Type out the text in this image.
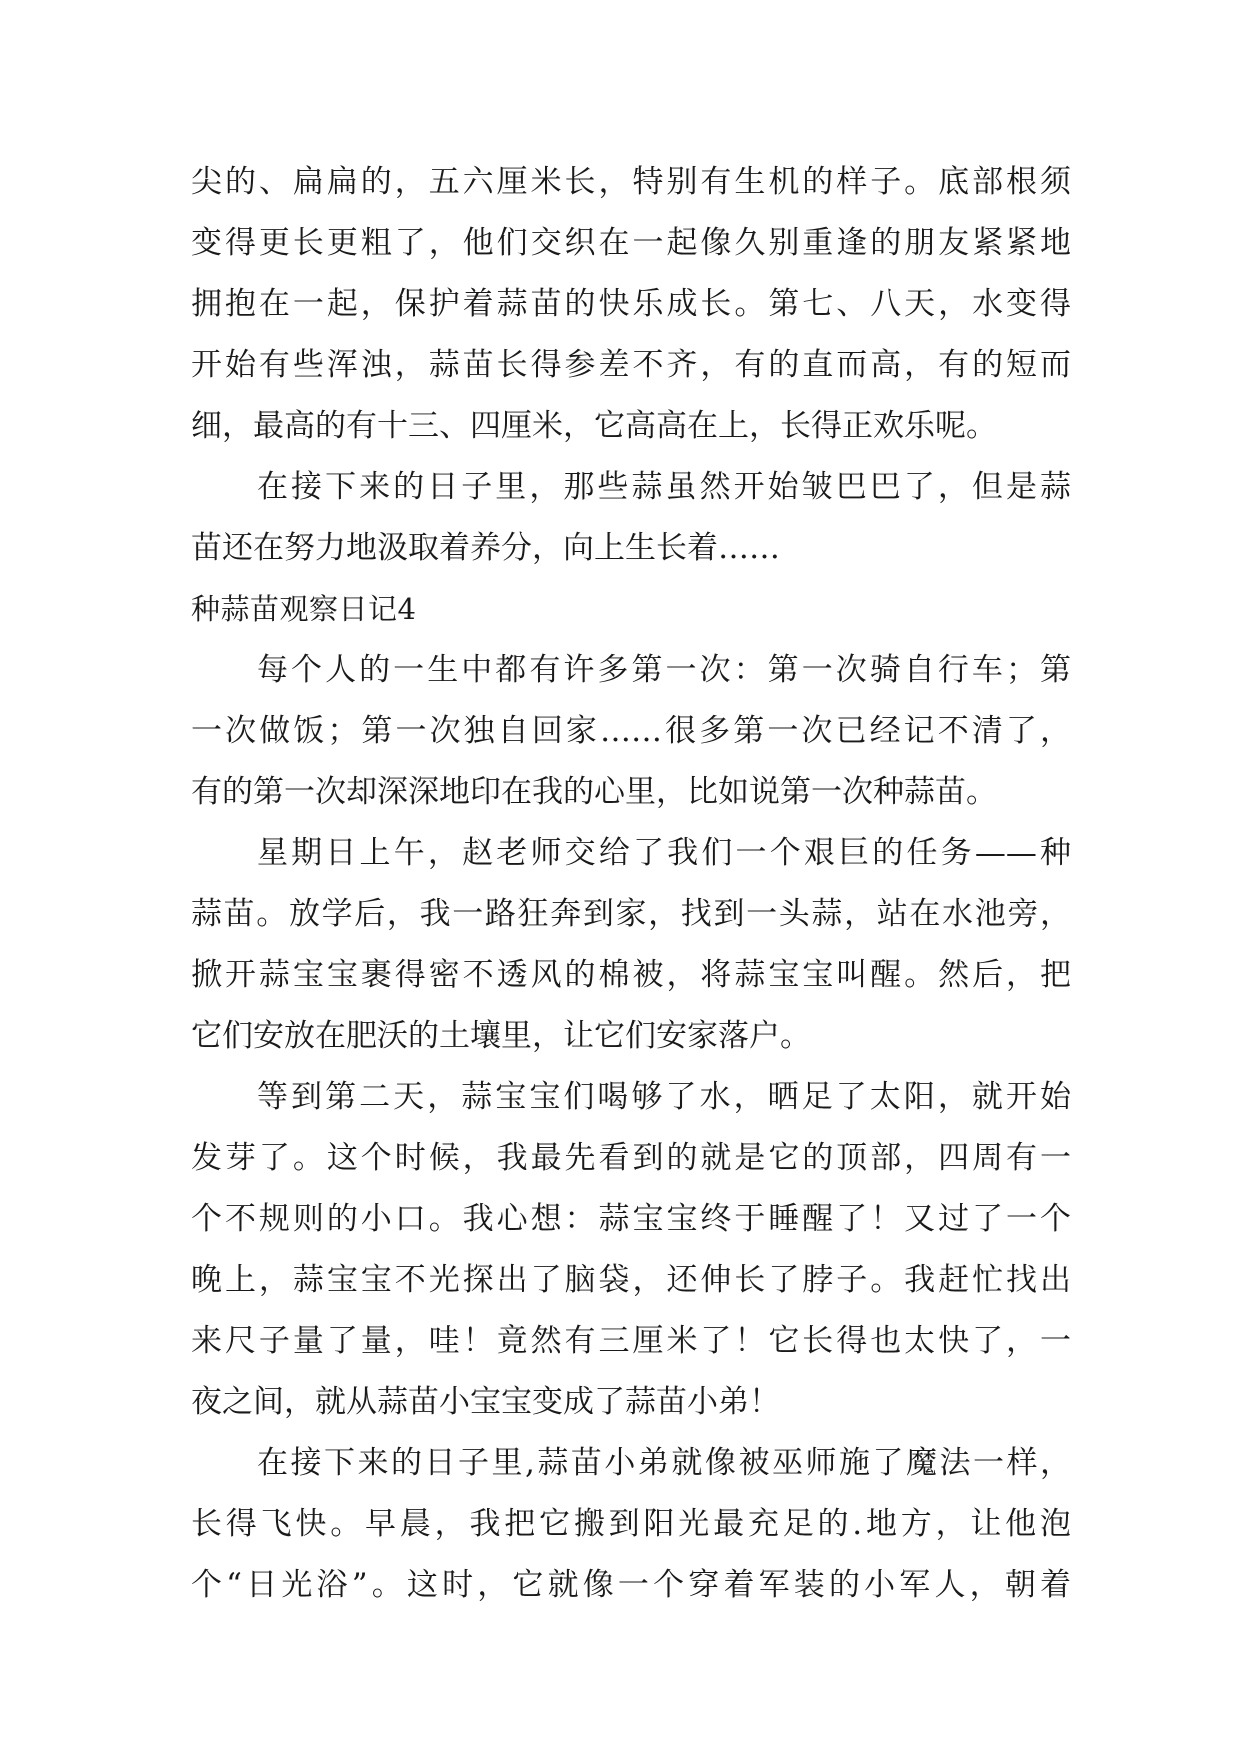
尖的、扁扁的，五六厘米长，特别有生机的样子。底部根须
变得更长更粗了，他们交织在一起像久别重逢的朋友紧紧地
拥抱在一起，保护着蒜苗的快乐成长。第七、八天，水变得
开始有些浑浊，蒜苗长得参差不齐，有的直而高，有的短而
细，最高的有十三、四厘米，它高高在上，长得正欢乐呢。
在接下来的日子里，那些蒜虽然开始皱巴巴了，但是蒜
苗还在努力地汲取着养分，向上生长着……
种蒜苗观察日记4
每个人的一生中都有许多第一次：第一次骑自行车；第
一次做饭；第一次独自回家……很多第一次已经记不清了，
有的第一次却深深地印在我的心里，比如说第一次种蒜苗。
星期日上午，赵老师交给了我们一个艰巨的任务——种
蒜苗。放学后，我一路狂奔到家，找到一头蒜，站在水池旁，
掀开蒜宝宝裹得密不透风的棉被，将蒜宝宝叫醒。然后，把
它们安放在肥沃的土壤里，让它们安家落户。
等到第二天，蒜宝宝们喝够了水，晒足了太阳，就开始
发芽了。这个时候，我最先看到的就是它的顶部，四周有一
个不规则的小口。我心想：蒜宝宝终于睡醒了！又过了一个
晚上，蒜宝宝不光探出了脑袋，还伸长了脖子。我赶忙找出
来尺子量了量，哇！竟然有三厘米了！它长得也太快了，一
夜之间，就从蒜苗小宝宝变成了蒜苗小弟！
在接下来的日子里,蒜苗小弟就像被巫师施了魔法一样，
长得飞快。早晨，我把它搬到阳光最充足的.地方，让他泡
个“日光浴”。这时，它就像一个穿着军装的小军人，朝着
